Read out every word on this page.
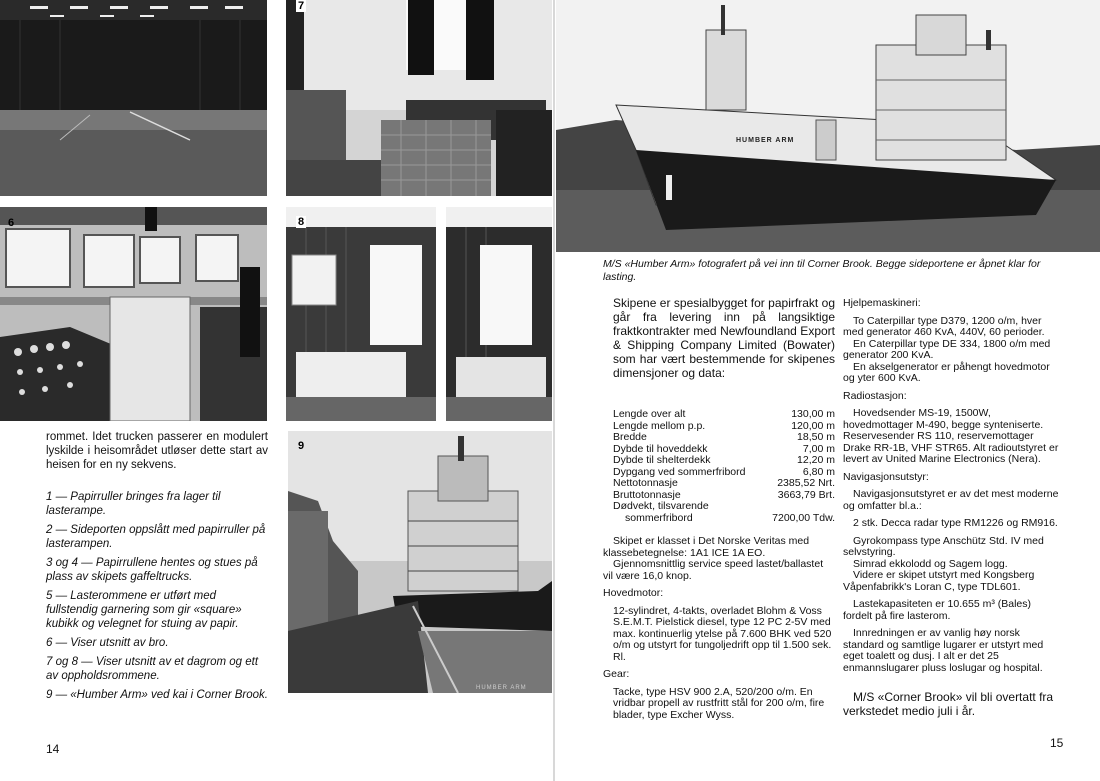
7
6	8
9
HUMBER ARM
rommet. Idet trucken passerer en modulert lyskilde i heisområdet utløser dette start av heisen for en ny sekvens.

1 — Papirruller bringes fra lager til lasterampe.

2 — Sideporten oppslått med papirruller på lasterampen.

3 og 4 — Papirrullene hentes og stues på plass av skipets gaffeltrucks.

5 — Lasterommene er utført med fullstendig garnering som gir «square» kubikk og velegnet for stuing av papir.

6 — Viser utsnitt av bro.

7 og 8 — Viser utsnitt av et dagrom og ett av oppholdsrommene.

9 — «Humber Arm» ved kai i Corner Brook.

14
HUMBER ARM
M/S «Humber Arm» fotografert på vei inn til Corner Brook. Begge sideportene er åpnet klar for lasting.
Skipene er spesialbygget for papirfrakt og går fra levering inn på langsiktige fraktkontrakter med Newfoundland Export & Shipping Company Limited (Bowater) som har vært bestemmende for skipenes dimensjoner og data:
Lengde over alt	130,00 m
Lengde mellom p.p.	120,00 m
Bredde	18,50 m
Dybde til hoveddekk	7,00 m
Dybde til shelterdekk	12,20 m
Dypgang ved sommerfribord	6,80 m
Nettotonnasje	2385,52 Nrt.
Bruttotonnasje	3663,79 Brt.
Dødvekt, tilsvarende
sommerfribord	7200,00 Tdw.

Skipet er klasset i Det Norske Veritas med klassebetegnelse: 1A1 ICE 1A EO.

Gjennomsnittlig service speed lastet/ballastet vil være 16,0 knop.

Hovedmotor:

12-sylindret, 4-takts, overladet Blohm & Voss S.E.M.T. Pielstick diesel, type 12 PC 2-5V med max. kontinuerlig ytelse på 7.600 BHK ved 520 o/m og utstyrt for tungoljedrift opp til 1.500 sek. Rl.

Gear:

Tacke, type HSV 900 2.A, 520/200 o/m. En vridbar propell av rustfritt stål for 200 o/m, fire blader, type Excher Wyss.

Hjelpemaskineri:

To Caterpillar type D379, 1200 o/m, hver med generator 460 KvA, 440V, 60 perioder.

En Caterpillar type DE 334, 1800 o/m med generator 200 KvA.

En akselgenerator er påhengt hovedmotor og yter 600 KvA.

Radiostasjon:

Hovedsender MS-19, 1500W, hovedmottager M-490, begge synteniserte. Reservesender RS 110, reservemottager Drake RR-1B, VHF STR65. Alt radioutstyret er levert av United Marine Electronics (Nera).

Navigasjonsutstyr:

Navigasjonsutstyret er av det mest moderne og omfatter bl.a.:

2 stk. Decca radar type RM1226 og RM916.

Gyrokompass type Anschütz Std. IV med selvstyring.

Simrad ekkolodd og Sagem logg.

Videre er skipet utstyrt med Kongsberg Våpenfabrikk's Loran C, type TDL601.

Lastekapasiteten er 10.655 m³ (Bales) fordelt på fire lasterom.

Innredningen er av vanlig høy norsk standard og samtlige lugarer er utstyrt med eget toalett og dusj. I alt er det 25 enmannslugarer pluss loslugar og hospital.

M/S «Corner Brook» vil bli overtatt fra verkstedet medio juli i år.
15
